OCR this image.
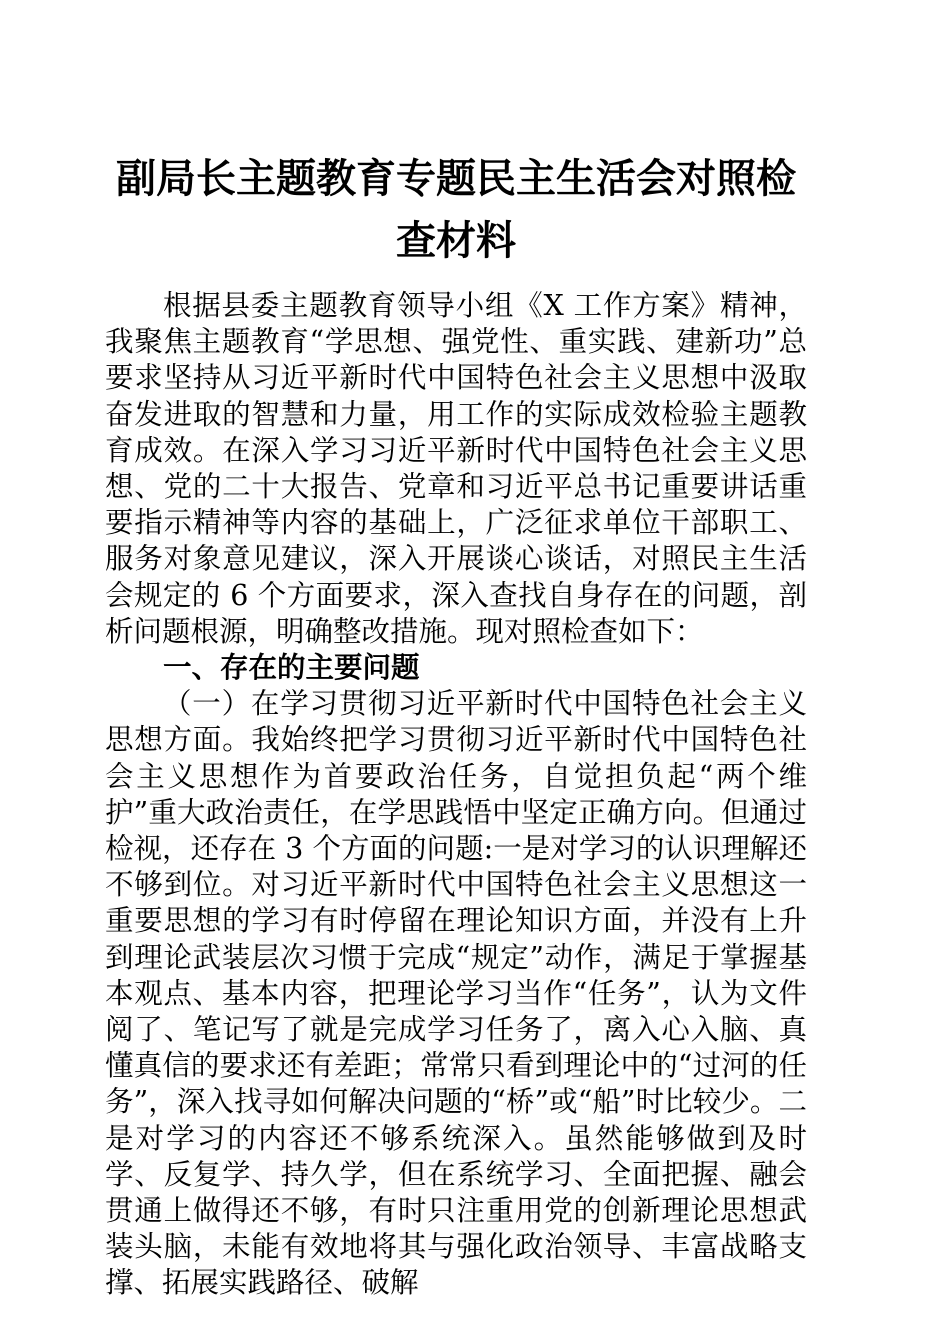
副局长主题教育专题民主生活会对照检查材料

根据县委主题教育领导小组《X 工作方案》精神，我聚焦主题教育“学思想、强党性、重实践、建新功”总要求坚持从习近平新时代中国特色社会主义思想中汲取奋发进取的智慧和力量，用工作的实际成效检验主题教育成效。在深入学习习近平新时代中国特色社会主义思想、党的二十大报告、党章和习近平总书记重要讲话重要指示精神等内容的基础上，广泛征求单位干部职工、服务对象意见建议，深入开展谈心谈话，对照民主生活会规定的 6 个方面要求，深入查找自身存在的问题，剖析问题根源，明确整改措施。现对照检查如下：

一、存在的主要问题

（一）在学习贯彻习近平新时代中国特色社会主义思想方面。我始终把学习贯彻习近平新时代中国特色社会主义思想作为首要政治任务，自觉担负起“两个维护”重大政治责任，在学思践悟中坚定正确方向。但通过检视，还存在 3 个方面的问题:一是对学习的认识理解还不够到位。对习近平新时代中国特色社会主义思想这一重要思想的学习有时停留在理论知识方面，并没有上升到理论武装层次习惯于完成“规定”动作，满足于掌握基本观点、基本内容，把理论学习当作“任务”，认为文件阅了、笔记写了就是完成学习任务了，离入心入脑、真懂真信的要求还有差距；常常只看到理论中的“过河的任务”，深入找寻如何解决问题的“桥”或“船”时比较少。二是对学习的内容还不够系统深入。虽然能够做到及时学、反复学、持久学，但在系统学习、全面把握、融会贯通上做得还不够，有时只注重用党的创新理论思想武装头脑，未能有效地将其与强化政治领导、丰富战略支撑、拓展实践路径、破解
